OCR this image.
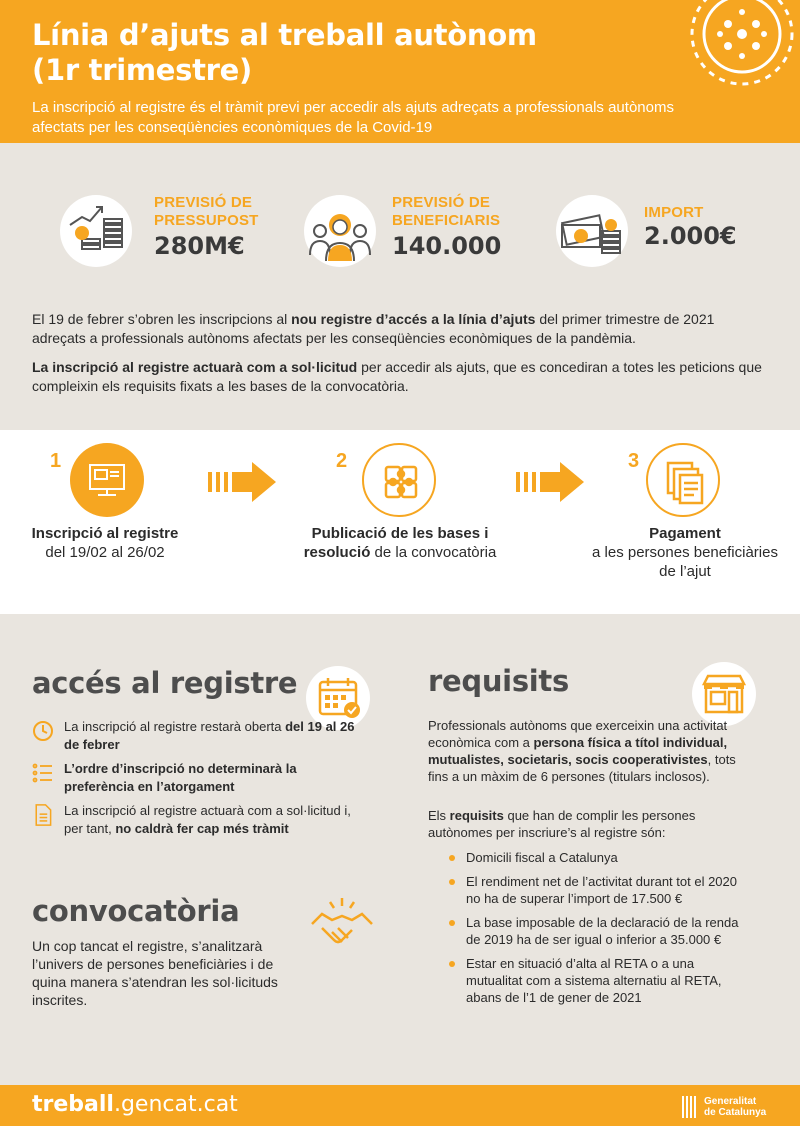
Línia d’ajuts al treball autònom
(1r trimestre)

La inscripció al registre és el tràmit previ per accedir als ajuts adreçats a professionals autònoms afectats per les conseqüències econòmiques de la Covid-19

PREVISIÓ DE
PRESSUPOST
280M€
PREVISIÓ DE
BENEFICIARIS
140.000
IMPORT
2.000€

El 19 de febrer s’obren les inscripcions al nou registre d’accés a la línia d’ajuts del primer trimestre de 2021 adreçats a professionals autònoms afectats per les conseqüències econòmiques de la pandèmia.

La inscripció al registre actuarà com a sol·licitud per accedir als ajuts, que es concediran a totes les peticions que compleixin els requisits fixats a les bases de la convocatòria.

1
Inscripció al registre
del 19/02 al 26/02
2
Publicació de les bases i resolució de la convocatòria
3
Pagament
a les persones beneficiàries de l’ajut
accés al registre
La inscripció al registre restarà oberta del 19 al 26 de febrer
L’ordre d’inscripció no determinarà la preferència en l’atorgament
La inscripció al registre actuarà com a sol·licitud i, per tant, no caldrà fer cap més tràmit
convocatòria
Un cop tancat el registre, s’analitzarà l’univers de persones beneficiàries i de quina manera s’atendran les sol·licituds inscrites.
requisits
Professionals autònoms que exerceixin una activitat econòmica com a persona física a títol individual, mutualistes, societaris, socis cooperativistes, tots fins a un màxim de 6 persones (titulars inclosos).
Els requisits que han de complir les persones autònomes per inscriure’s al registre són:
Domicili fiscal a Catalunya
El rendiment net de l’activitat durant tot el 2020 no ha de superar l’import de 17.500 €
La base imposable de la declaració de la renda de 2019 ha de ser igual o inferior a 35.000 €
Estar en situació d’alta al RETA o a una mutualitat com a sistema alternatiu al RETA, abans de l’1 de gener de 2021
treball.gencat.cat	Generalitat
de Catalunya
